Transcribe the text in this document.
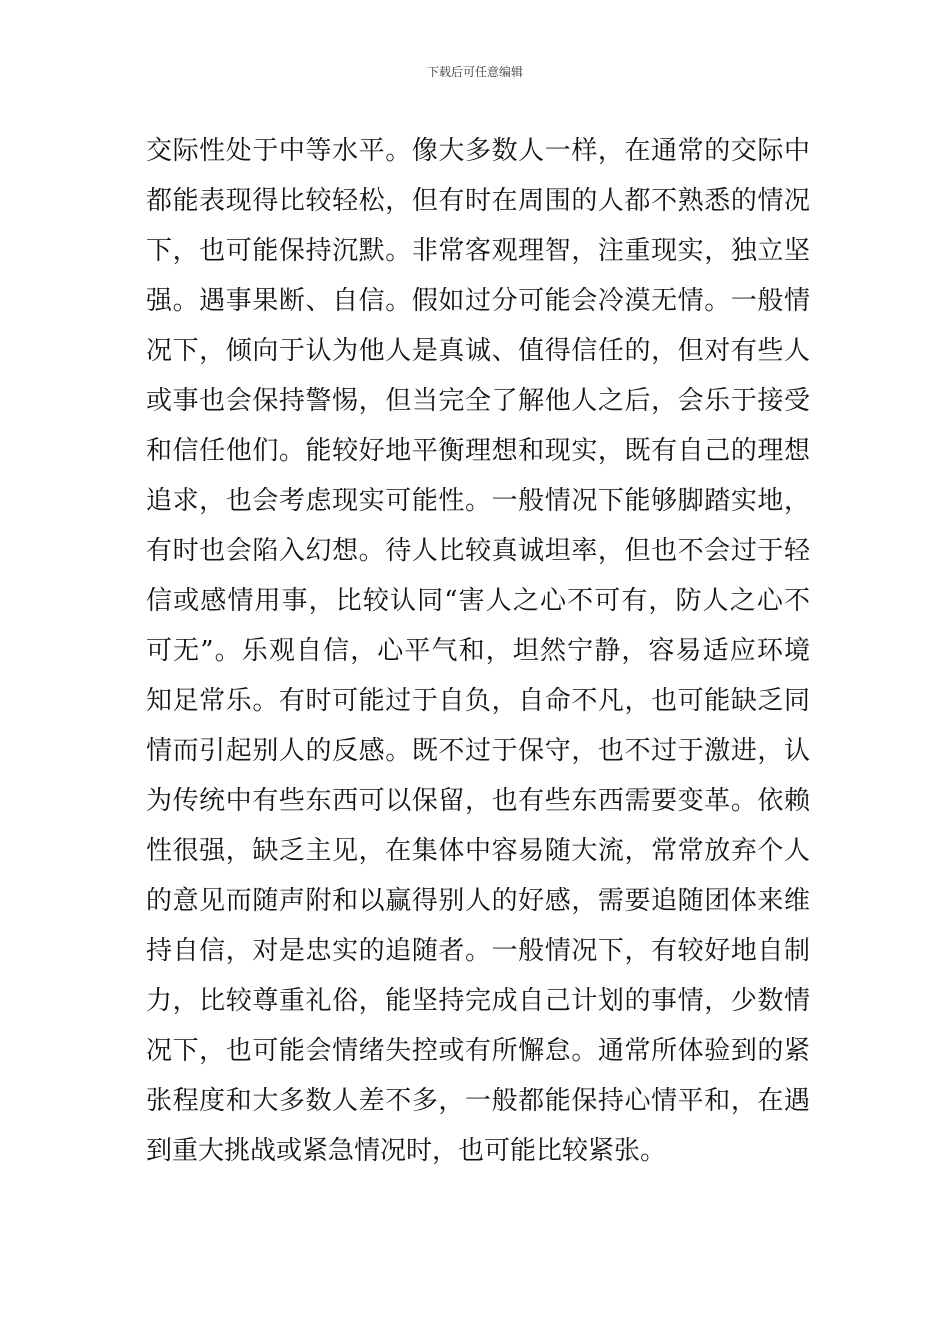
下载后可任意编辑
交际性处于中等水平。像大多数人一样，在通常的交际中
都能表现得比较轻松，但有时在周围的人都不熟悉的情况
下，也可能保持沉默。非常客观理智，注重现实，独立坚
强。遇事果断、自信。假如过分可能会冷漠无情。一般情
况下，倾向于认为他人是真诚、值得信任的，但对有些人
或事也会保持警惕，但当完全了解他人之后，会乐于接受
和信任他们。能较好地平衡理想和现实，既有自己的理想
追求，也会考虑现实可能性。一般情况下能够脚踏实地，
有时也会陷入幻想。待人比较真诚坦率，但也不会过于轻
信或感情用事，比较认同“害人之心不可有，防人之心不
可无”。乐观自信，心平气和，坦然宁静，容易适应环境
知足常乐。有时可能过于自负，自命不凡，也可能缺乏同
情而引起别人的反感。既不过于保守，也不过于激进，认
为传统中有些东西可以保留，也有些东西需要变革。依赖
性很强，缺乏主见，在集体中容易随大流，常常放弃个人
的意见而随声附和以赢得别人的好感，需要追随团体来维
持自信，对是忠实的追随者。一般情况下，有较好地自制
力，比较尊重礼俗，能坚持完成自己计划的事情，少数情
况下，也可能会情绪失控或有所懈怠。通常所体验到的紧
张程度和大多数人差不多，一般都能保持心情平和，在遇
到重大挑战或紧急情况时，也可能比较紧张。
